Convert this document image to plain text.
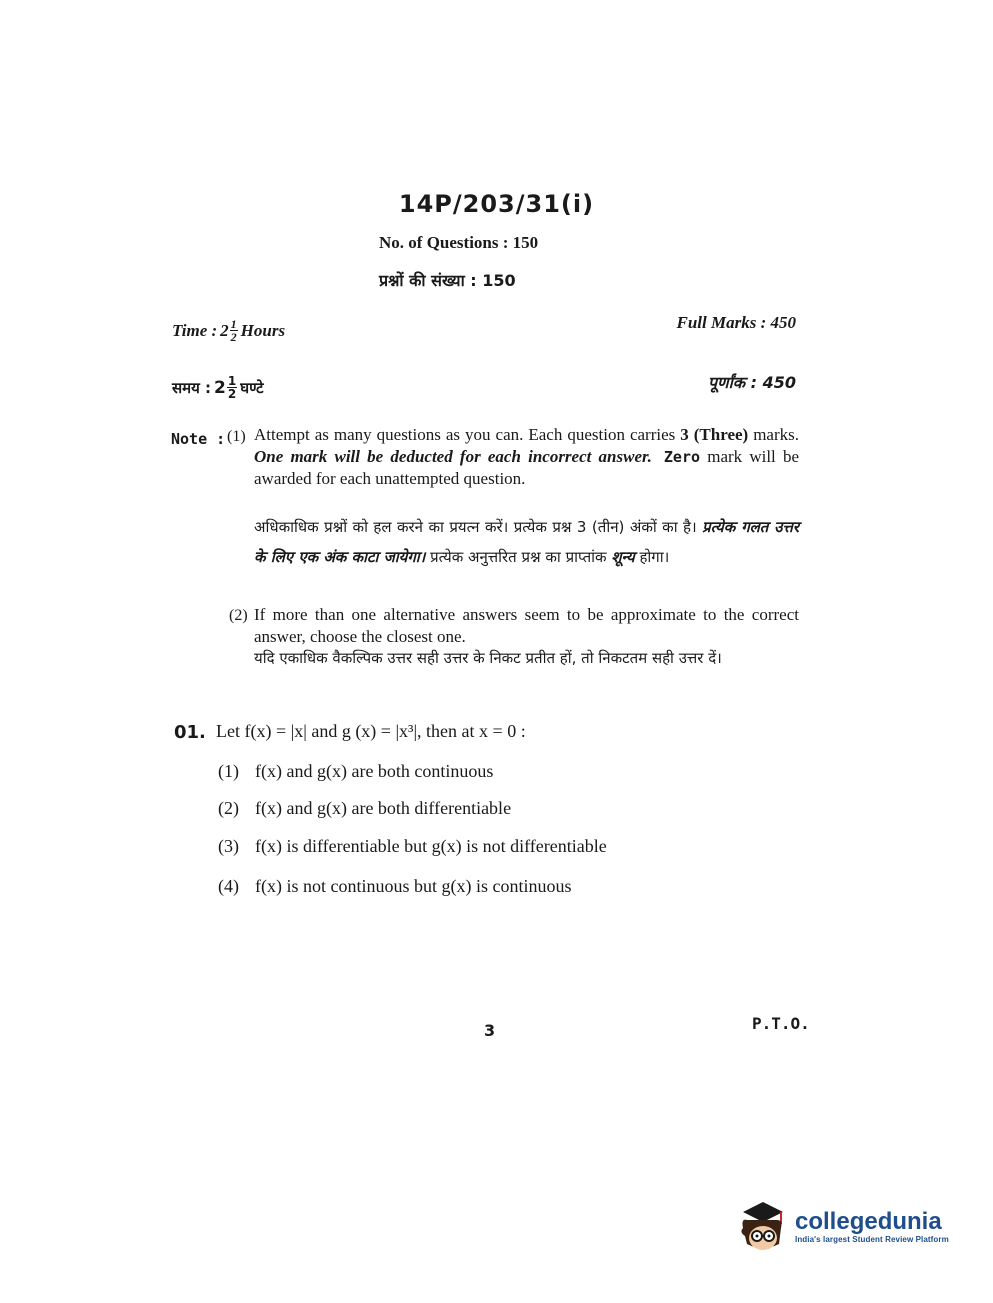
14P/203/31(i)
No. of Questions : 150
प्रश्नों की संख्या : 150
Time : $2 \frac{1}{2}$ Hours	Full Marks : 450
समय : $2 \frac{1}{2}$ घण्टे	पूर्णांक : 450
Note : (1) Attempt as many questions as you can. Each question carries 3 (Three) marks. One mark will be deducted for each incorrect answer. Zero mark will be awarded for each unattempted question.
अधिकाधिक प्रश्नों को हल करने का प्रयत्न करें। प्रत्येक प्रश्न 3 (तीन) अंकों का है। प्रत्येक गलत उत्तर के लिए एक अंक काटा जायेगा। प्रत्येक अनुत्तरित प्रश्न का प्राप्तांक शून्य होगा।
(2) If more than one alternative answers seem to be approximate to the correct answer, choose the closest one.
यदि एकाधिक वैकल्पिक उत्तर सही उत्तर के निकट प्रतीत हों, तो निकटतम सही उत्तर दें।
01. Let f(x) = |x| and g (x) = |x³|, then at x = 0 :
(1) f(x) and g(x) are both continuous
(2) f(x) and g(x) are both differentiable
(3) f(x) is differentiable but g(x) is not differentiable
(4) f(x) is not continuous but g(x) is continuous
3	P.T.O.
collegedunia
India's largest Student Review Platform
